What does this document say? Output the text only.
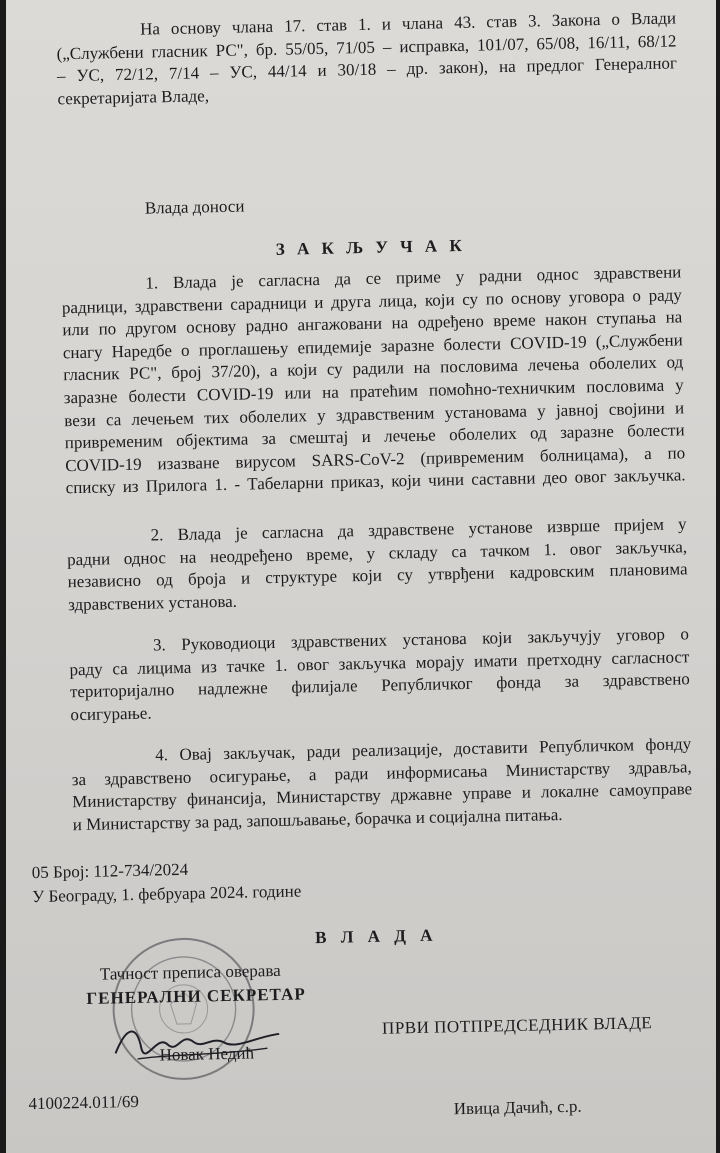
На основу члана 17. став 1. и члана 43. став 3. Закона о Влади
(„Службени гласник РС", бр. 55/05, 71/05 – исправка, 101/07, 65/08, 16/11, 68/12
– УС, 72/12, 7/14 – УС, 44/14 и 30/18 – др. закон), на предлог Генералног
секретаријата Владе,
Влада доноси
З А К Љ У Ч А К
1. Влада је сагласна да се приме у радни однос здравствени
радници, здравствени сарадници и друга лица, који су по основу уговора о раду
или по другом основу радно ангажовани на одређено време након ступања на
снагу Наредбе о проглашењу епидемије заразне болести COVID-19 („Службени
гласник РС", број 37/20), а који су радили на пословима лечења оболелих од
заразне болести COVID-19 или на пратећим помоћно-техничким пословима у
вези са лечењем тих оболелих у здравственим установама у јавној својини и
привременим објектима за смештај и лечење оболелих од заразне болести
COVID-19 изазване вирусом SARS-CoV-2 (привременим болницама), а по
списку из Прилога 1. - Табеларни приказ, који чини саставни део овог закључка.
2. Влада је сагласна да здравствене установе изврше пријем у
радни однос на неодређено време, у складу са тачком 1. овог закључка,
независно од броја и структуре који су утврђени кадровским плановима
здравствених установа.
3. Руководиоци здравствених установа који закључују уговор о
раду са лицима из тачке 1. овог закључка морају имати претходну сагласност
територијално надлежне филијале Републичког фонда за здравствено
осигурање.
4. Овај закључак, ради реализације, доставити Републичком фонду
за здравствено осигурање, а ради информисања Министарству здравља,
Министарству финансија, Министарству државне управе и локалне самоуправе
и Министарству за рад, запошљавање, борачка и социјална питања.
05 Број: 112-734/2024
У Београду, 1. фебруара 2024. године
В Л А Д А
Тачност преписа оверава
ГЕНЕРАЛНИ СЕКРЕТАР
Новак Недић
ПРВИ ПОТПРЕДСЕДНИК ВЛАДЕ
Ивица Дачић, с.р.
4100224.011/69
